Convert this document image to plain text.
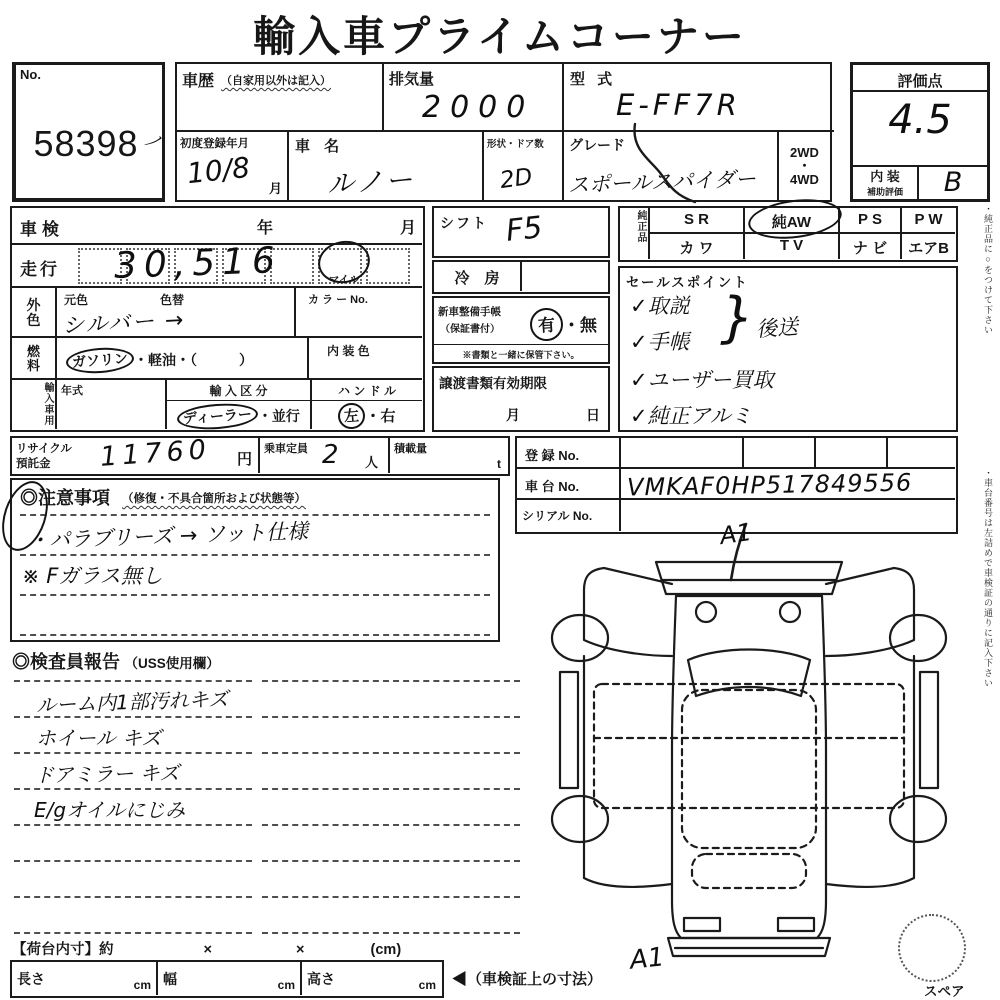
輸入車プライムコーナー
No.
58398 ノ
車歴 （自家用以外は記入）	排気量
2000
型 式
E-FF7R
初度登録年月
10/8 月
車 名
ルノー
形状・ドア数
2D
グレード
スポールスパイダー
2WD
・
4WD
評価点
4.5
内 装
補助評価	B
車検	年	月
走行
マイル
30,516
外
色
元色	色替
シルバー →
カ ラ ー No.
燃
料	ガソリン ・軽油・（　　　）
内 装 色
輸入車用 年式	輸 入 区 分
ディーラー ・並行
ハ ン ド ル
左 ・右
シフト F5
冷　房
新車整備手帳
（保証書付）	有 ・無
※書類と一緒に保管下さい。
譲渡書類有効期限
月	日
純正品	S R	純AW	P S	P W
カ ワ	T V	ナ ビ	エアB
セールスポイント
✓取説
✓手帳
✓ユーザー買取
✓純正アルミ
} 後送
リサイクル
預託金 11760 円
乗車定員 2 人
積載量
t
登 録 No.
車 台 No.	VMKAF0HP517849556
シリアル No.
◎注意事項 （修復・不具合箇所および状態等）
・パラブリーズ → ソット仕様
※ Fガラス無し
◎検査員報告 （USS使用欄）
ルーム内1部汚れキズ
ホイール キズ
ドアミラー キズ
E/gオイルにじみ
【荷台内寸】約	×	×	(cm)
長さ	cm 幅	cm 高さ	cm ◀（車検証上の寸法）
A1
A1
スペア
・純正品に○をつけて下さい
・車台番号は左詰めで車検証の通りに記入下さい
